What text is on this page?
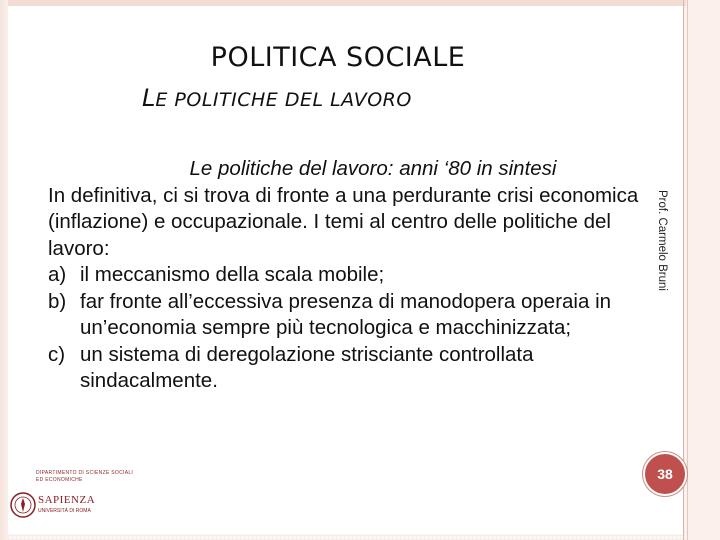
POLITICA SOCIALE
LE POLITICHE DEL LAVORO

Le politiche del lavoro: anni ‘80 in sintesi

In definitiva, ci si trova di fronte a una perdurante crisi economica (inflazione) e occupazionale. I temi al centro delle politiche del lavoro:

a) il meccanismo della scala mobile;
b) far fronte all’eccessiva presenza di manodopera operaia in un’economia sempre più tecnologica e macchinizzata;
c) un sistema di deregolazione strisciante controllata sindacalmente.
Prof. Carmelo Bruni
38
DIPARTIMENTO DI SCIENZE SOCIALI
ED ECONOMICHE
SAPIENZA
UNIVERSITÀ DI ROMA
